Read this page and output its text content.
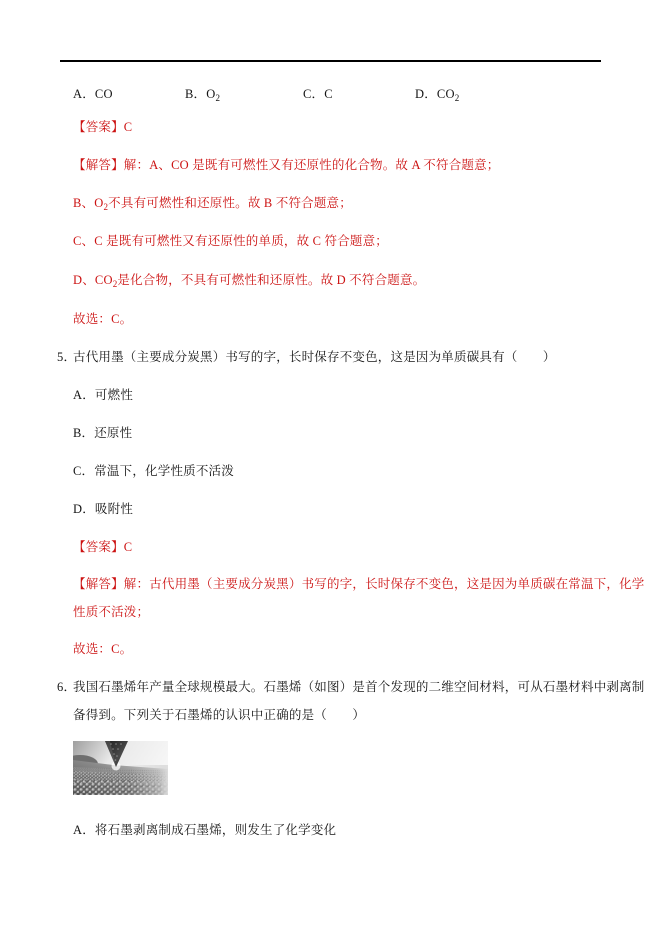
A．CO	B．$O_2$	C．C	D．$CO_2$
【答案】C
【解答】解：A、CO 是既有可燃性又有还原性的化合物。故 A 不符合题意；
B、$O_2$不具有可燃性和还原性。故 B 不符合题意；
C、C 是既有可燃性又有还原性的单质，故 C 符合题意；
D、$CO_2$是化合物，不具有可燃性和还原性。故 D 不符合题意。
故选：C。
5．
古代用墨（主要成分炭黑）书写的字，长时保存不变色，这是因为单质碳具有（　　）
A．可燃性
B．还原性
C．常温下，化学性质不活泼
D．吸附性
【答案】C
【解答】解：古代用墨（主要成分炭黑）书写的字，长时保存不变色，这是因为单质碳在常温下，化学
性质不活泼；
故选：C。
6．
我国石墨烯年产量全球规模最大。石墨烯（如图）是首个发现的二维空间材料，可从石墨材料中剥离制
备得到。下列关于石墨烯的认识中正确的是（　　）
A．将石墨剥离制成石墨烯，则发生了化学变化
